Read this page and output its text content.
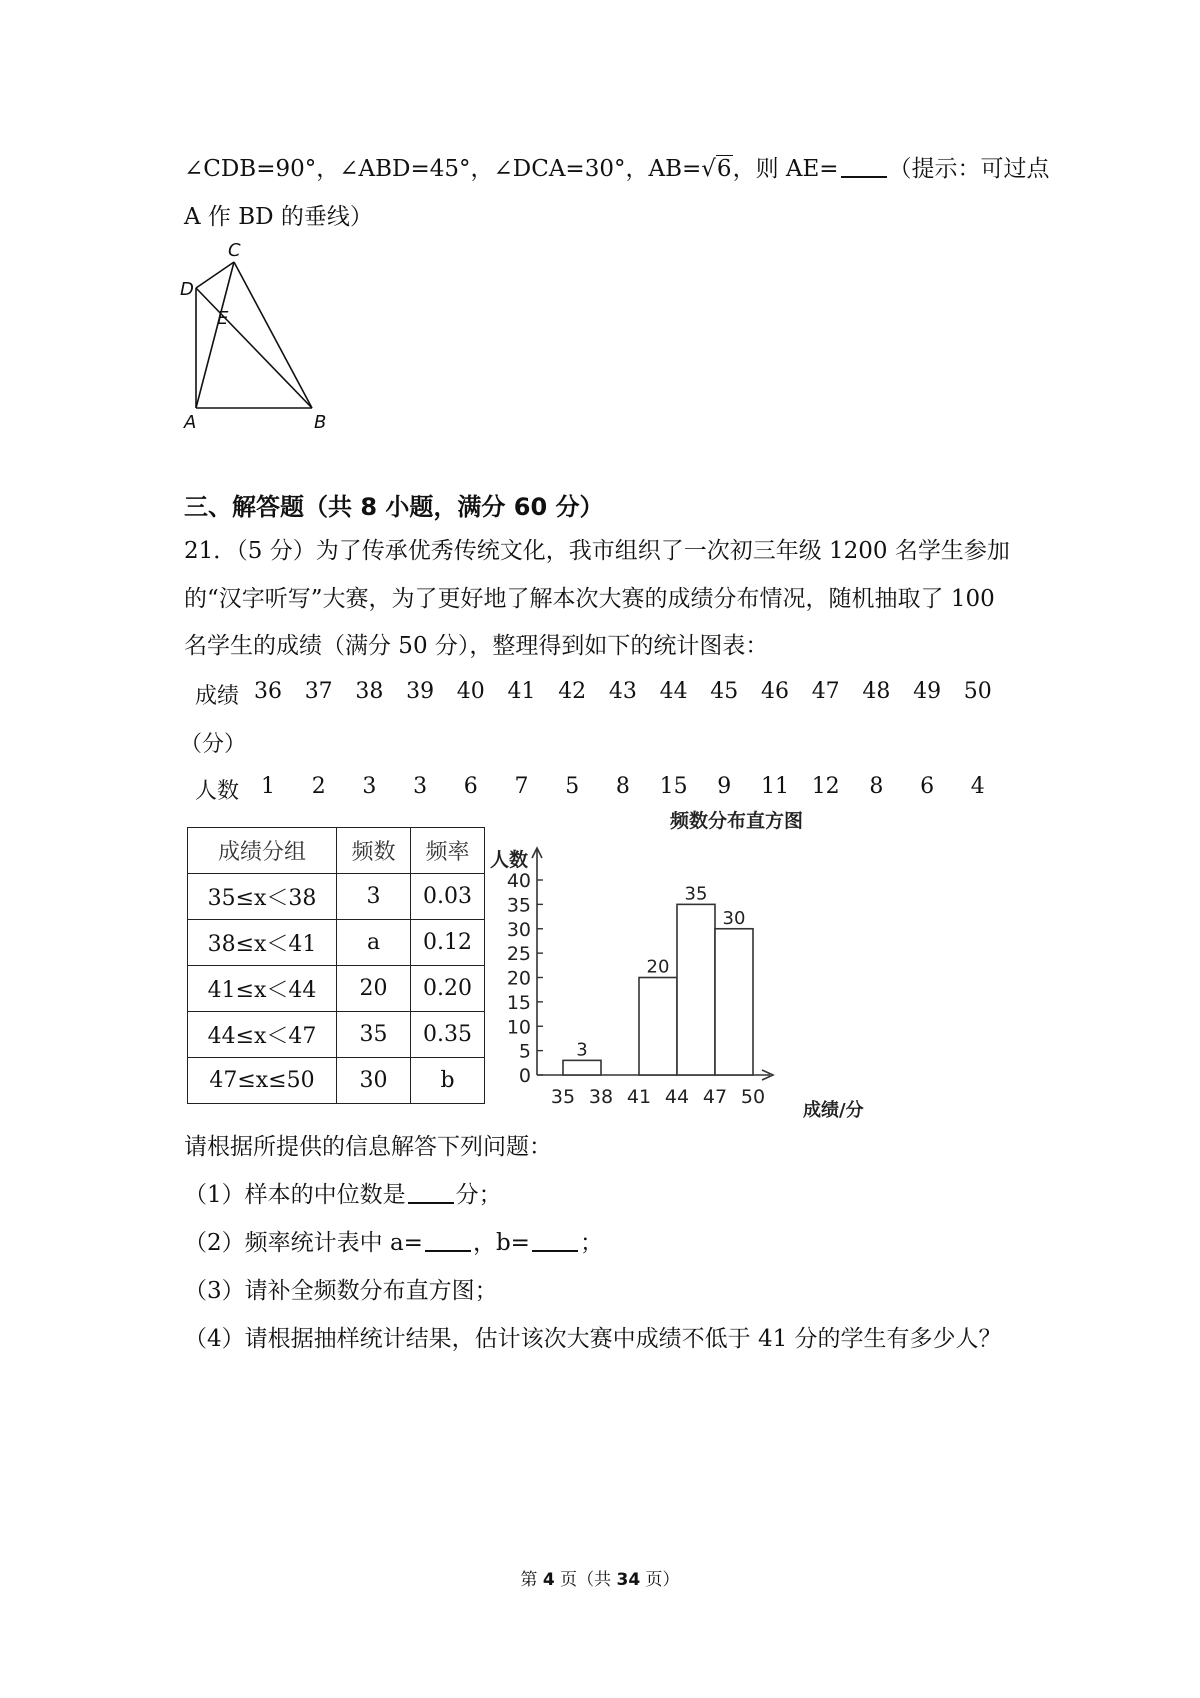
∠CDB=90°，∠ABD=45°，∠DCA=30°，AB=√6，则 AE= （提示：可过点
A 作 BD 的垂线）
C
D
E
A	B
三、解答题（共 8 小题，满分 60 分）
21．（5 分）为了传承优秀传统文化，我市组织了一次初三年级 1200 名学生参加
的“汉字听写”大赛，为了更好地了解本次大赛的成绩分布情况，随机抽取了 100
名学生的成绩（满分 50 分），整理得到如下的统计图表：
成绩
（分）
36 37 38 39 40 41 42 43 44 45 46 47 48 49 50
人数 1	2	3	3	6	7	5	8	15	9	11 12	8	6	4
成绩分组	频数	频率
35≤x＜38	3	0.03
38≤x＜41	a	0.12
41≤x＜44	20	0.20
44≤x＜47	35	0.35
47≤x≤50	30	b
频数分布直方图
人数
成绩/分
0
5
10
15
20
25
30
35
40
35 38 41 44 47 50
3
20
35
30
请根据所提供的信息解答下列问题：
（1）样本的中位数是 分；
（2）频率统计表中 a= ，b= ；
（3）请补全频数分布直方图；
（4）请根据抽样统计结果，估计该次大赛中成绩不低于 41 分的学生有多少人？
第 4 页（共 34 页）
